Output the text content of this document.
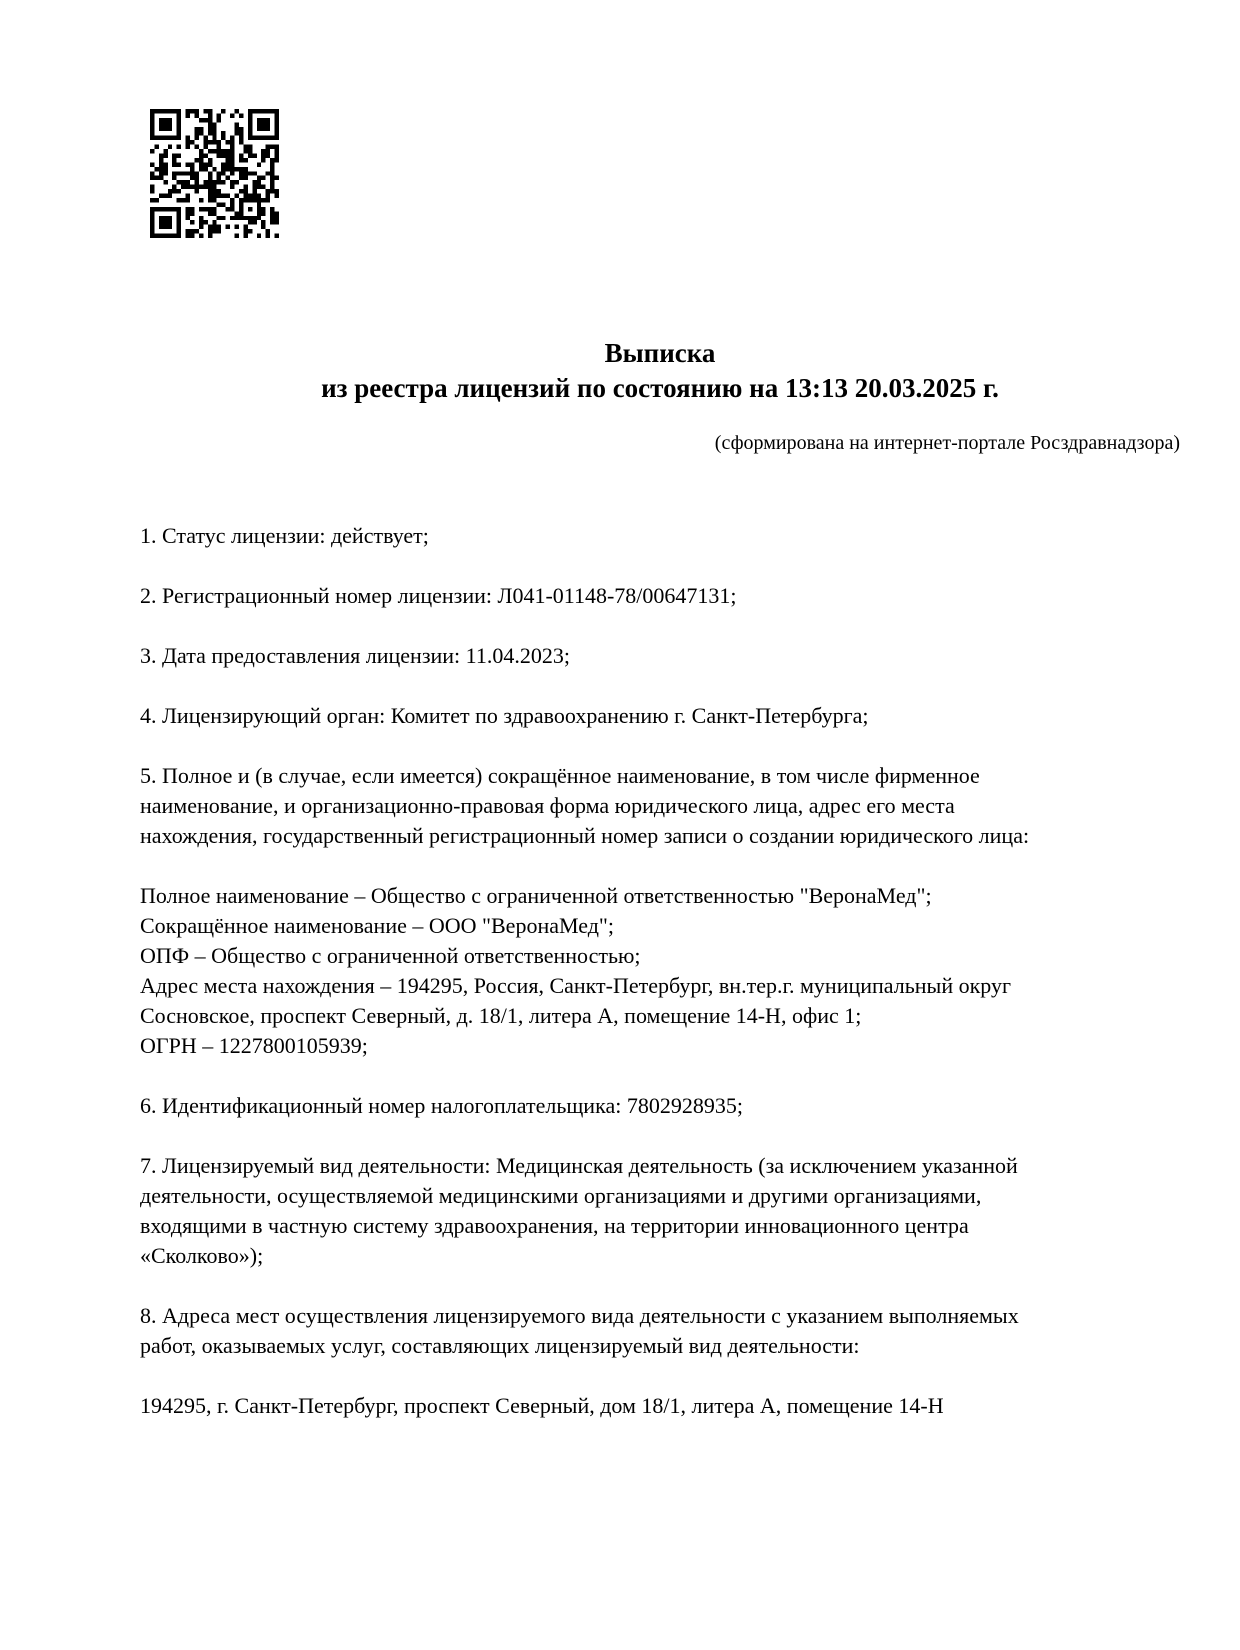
Выписка
из реестра лицензий по состоянию на 13:13 20.03.2025 г.
(сформирована на интернет-портале Росздравнадзора)

1. Статус лицензии: действует;

2. Регистрационный номер лицензии: Л041-01148-78/00647131;

3. Дата предоставления лицензии: 11.04.2023;

4. Лицензирующий орган: Комитет по здравоохранению г. Санкт-Петербурга;

5. Полное и (в случае, если имеется) сокращённое наименование, в том числе фирменное
наименование, и организационно-правовая форма юридического лица, адрес его места
нахождения, государственный регистрационный номер записи о создании юридического лица:

Полное наименование – Общество с ограниченной ответственностью "ВеронаМед";
Сокращённое наименование – ООО "ВеронаМед";
ОПФ – Общество с ограниченной ответственностью;
Адрес места нахождения – 194295, Россия, Санкт-Петербург, вн.тер.г. муниципальный округ
Сосновское, проспект Северный, д. 18/1, литера А, помещение 14-Н, офис 1;
ОГРН – 1227800105939;

6. Идентификационный номер налогоплательщика: 7802928935;

7. Лицензируемый вид деятельности: Медицинская деятельность (за исключением указанной
деятельности, осуществляемой медицинскими организациями и другими организациями,
входящими в частную систему здравоохранения, на территории инновационного центра
«Сколково»);

8. Адреса мест осуществления лицензируемого вида деятельности с указанием выполняемых
работ, оказываемых услуг, составляющих лицензируемый вид деятельности:

194295, г. Санкт-Петербург, проспект Северный, дом 18/1, литера А, помещение 14-Н
